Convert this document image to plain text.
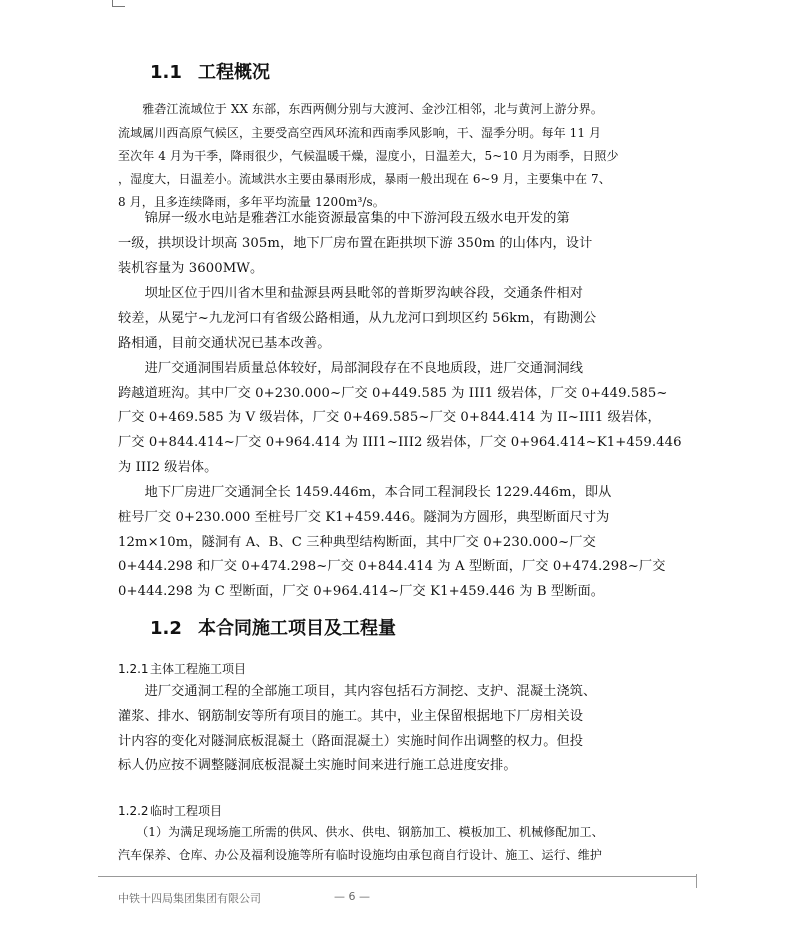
1.1 工程概况
　　雅砻江流域位于 XX 东部，东西两侧分别与大渡河、金沙江相邻，北与黄河上游分界。
流域属川西高原气候区，主要受高空西风环流和西南季风影响，干、湿季分明。每年 11 月
至次年 4 月为干季，降雨很少，气候温暖干燥，湿度小，日温差大，5~10 月为雨季，日照少
，湿度大，日温差小。流域洪水主要由暴雨形成，暴雨一般出现在 6~9 月，主要集中在 7、
8 月，且多连续降雨，多年平均流量 1200m³/s。
　　锦屏一级水电站是雅砻江水能资源最富集的中下游河段五级水电开发的第
一级，拱坝设计坝高 305m，地下厂房布置在距拱坝下游 350m 的山体内，设计
装机容量为 3600MW。
　　坝址区位于四川省木里和盐源县两县毗邻的普斯罗沟峡谷段，交通条件相对
较差，从冕宁~九龙河口有省级公路相通，从九龙河口到坝区约 56km，有勘测公
路相通，目前交通状况已基本改善。
　　进厂交通洞围岩质量总体较好，局部洞段存在不良地质段，进厂交通洞洞线
跨越道班沟。其中厂交 0+230.000~厂交 0+449.585 为 III1 级岩体，厂交 0+449.585~
厂交 0+469.585 为 V 级岩体，厂交 0+469.585~厂交 0+844.414 为 II~III1 级岩体，
厂交 0+844.414~厂交 0+964.414 为 III1~III2 级岩体，厂交 0+964.414~K1+459.446
为 III2 级岩体。
　　地下厂房进厂交通洞全长 1459.446m，本合同工程洞段长 1229.446m，即从
桩号厂交 0+230.000 至桩号厂交 K1+459.446。隧洞为方圆形，典型断面尺寸为
12m×10m，隧洞有 A、B、C 三种典型结构断面，其中厂交 0+230.000~厂交
0+444.298 和厂交 0+474.298~厂交 0+844.414 为 A 型断面，厂交 0+474.298~厂交
0+444.298 为 C 型断面，厂交 0+964.414~厂交 K1+459.446 为 B 型断面。
1.2 本合同施工项目及工程量
1.2.1主体工程施工项目
　　进厂交通洞工程的全部施工项目，其内容包括石方洞挖、支护、混凝土浇筑、
灌浆、排水、钢筋制安等所有项目的施工。其中，业主保留根据地下厂房相关设
计内容的变化对隧洞底板混凝土（路面混凝土）实施时间作出调整的权力。但投
标人仍应按不调整隧洞底板混凝土实施时间来进行施工总进度安排。
1.2.2临时工程项目
　　（1）为满足现场施工所需的供风、供水、供电、钢筋加工、模板加工、机械修配加工、
汽车保养、仓库、办公及福利设施等所有临时设施均由承包商自行设计、施工、运行、维护
中铁十四局集团集团有限公司	— 6 —
